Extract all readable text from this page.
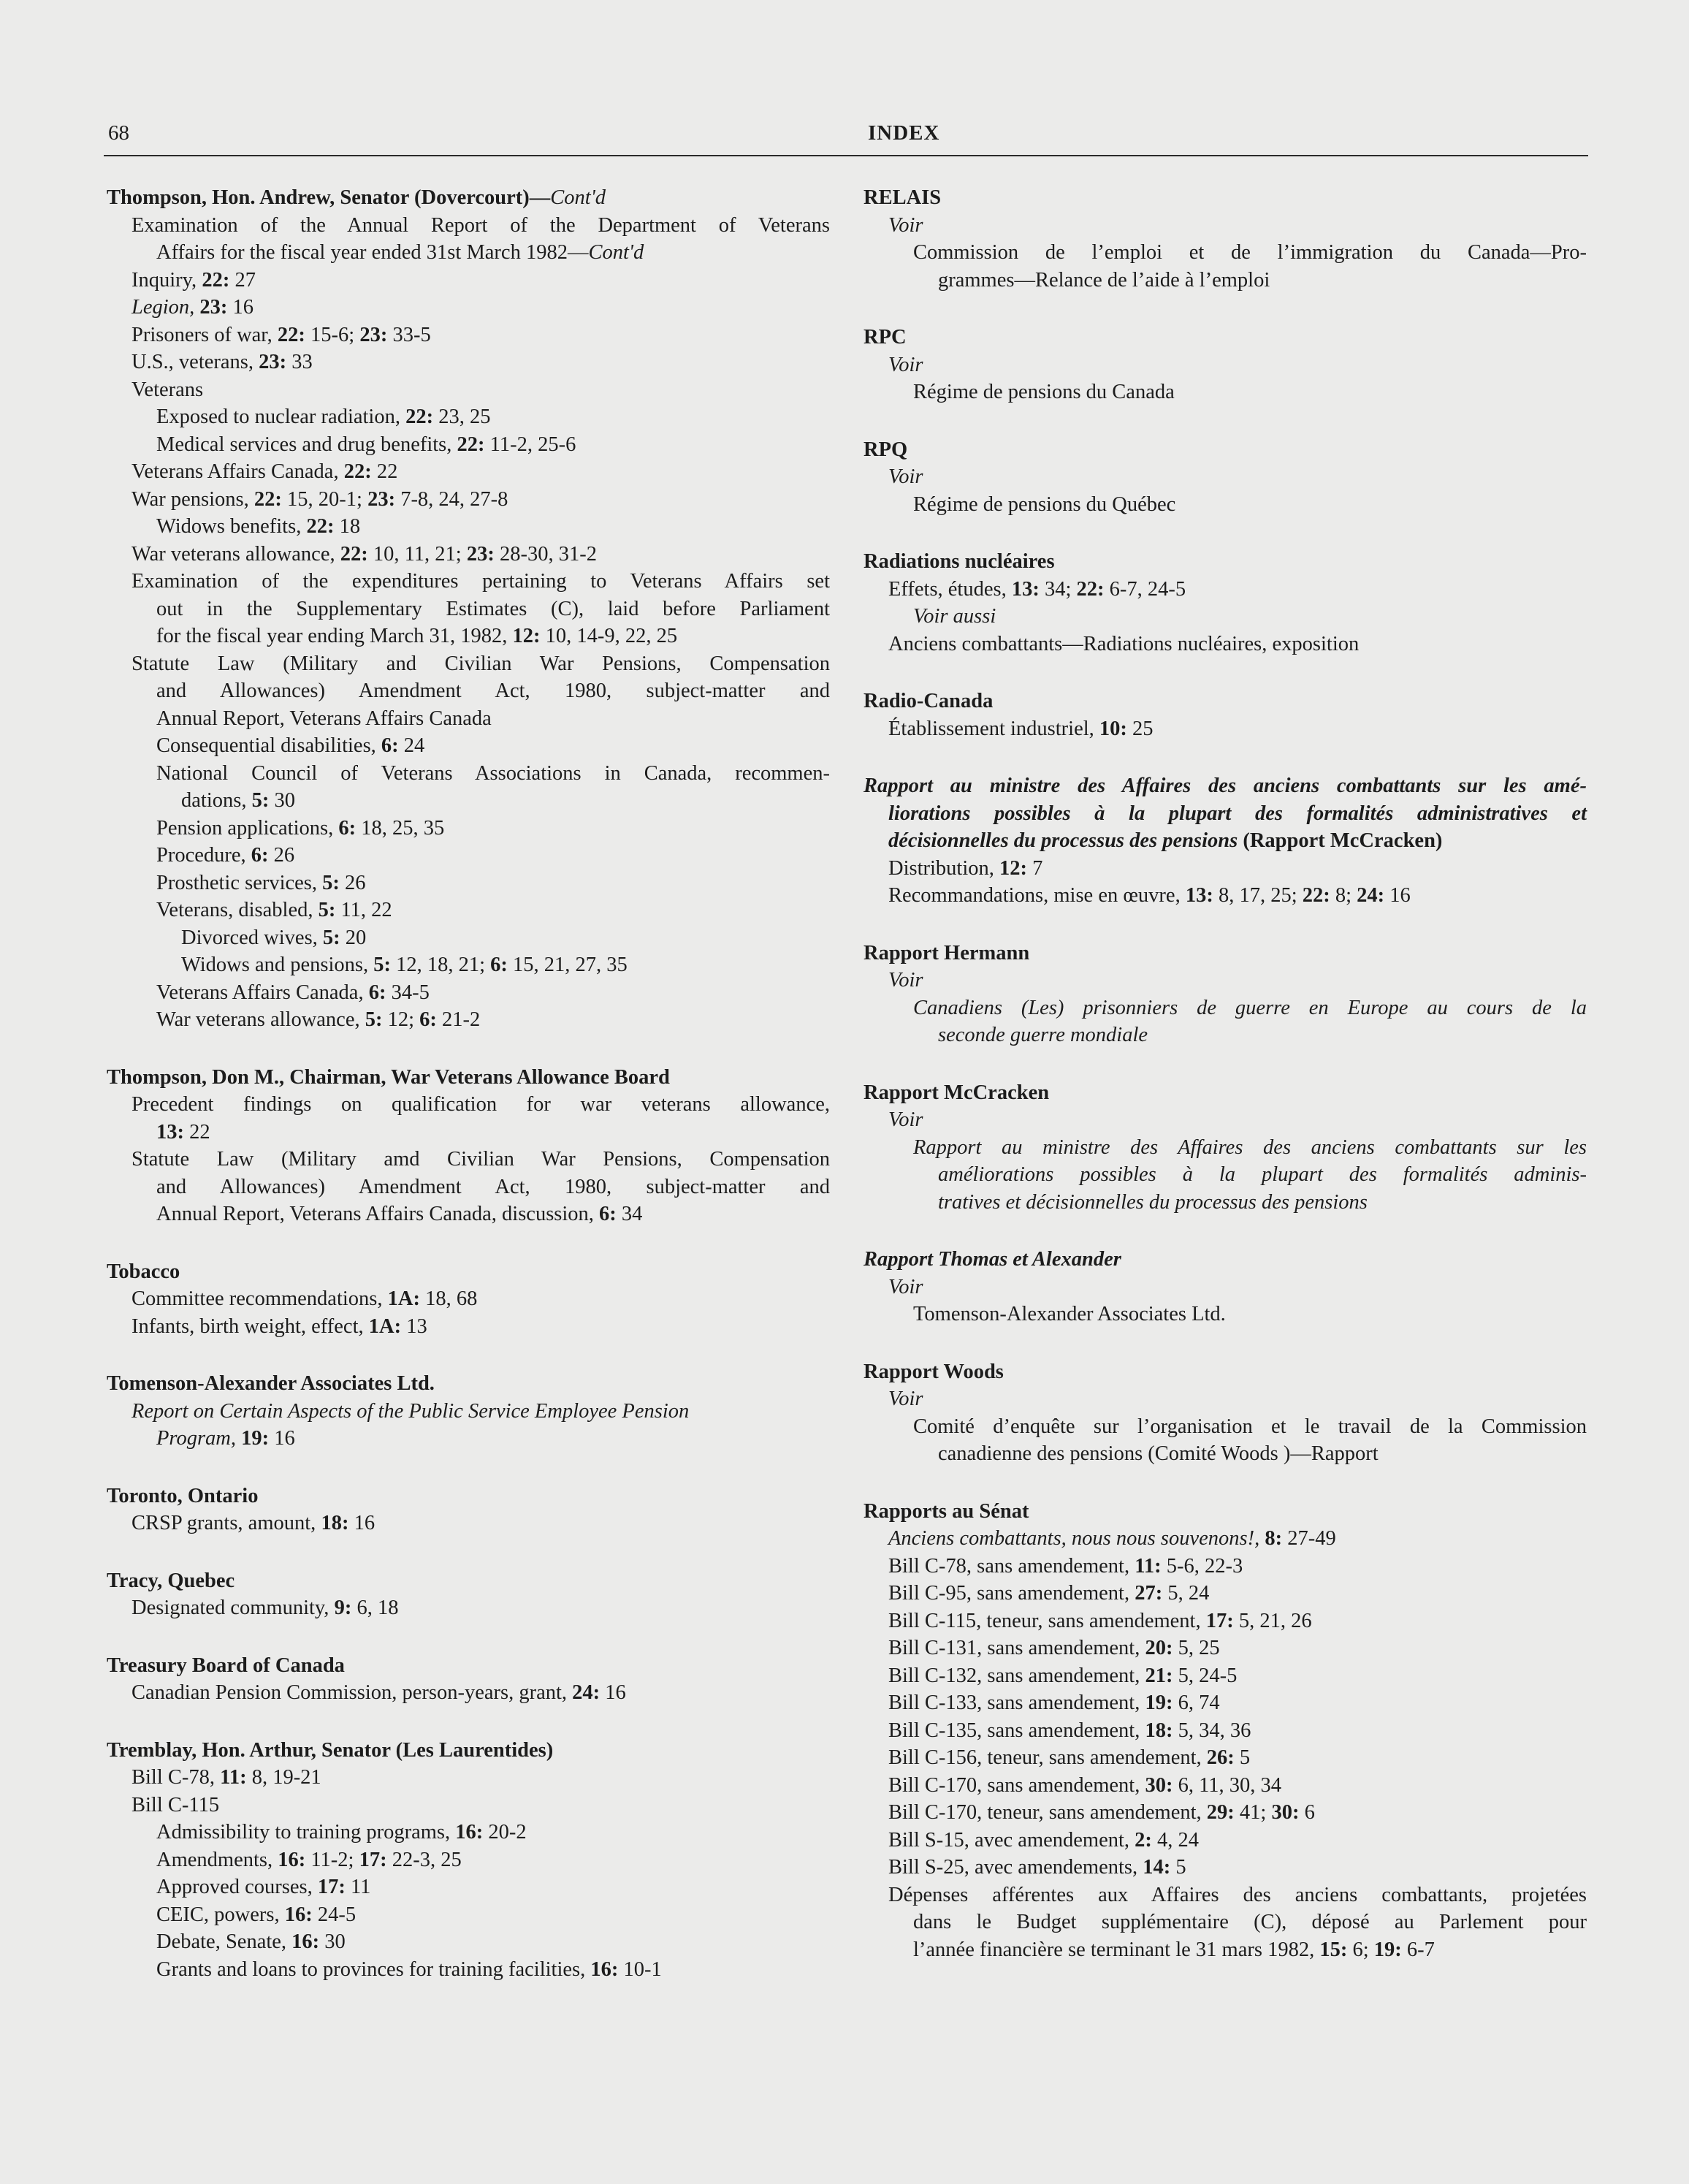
68	INDEX
Thompson, Hon. Andrew, Senator (Dovercourt)—Cont'd
Examination of the Annual Report of the Department of Veterans
Affairs for the fiscal year ended 31st March 1982—Cont'd
Inquiry, 22: 27
Legion, 23: 16
Prisoners of war, 22: 15-6; 23: 33-5
U.S., veterans, 23: 33
Veterans
Exposed to nuclear radiation, 22: 23, 25
Medical services and drug benefits, 22: 11-2, 25-6
Veterans Affairs Canada, 22: 22
War pensions, 22: 15, 20-1; 23: 7-8, 24, 27-8
Widows benefits, 22: 18
War veterans allowance, 22: 10, 11, 21; 23: 28-30, 31-2
Examination of the expenditures pertaining to Veterans Affairs set
out in the Supplementary Estimates (C), laid before Parliament
for the fiscal year ending March 31, 1982, 12: 10, 14-9, 22, 25
Statute Law (Military and Civilian War Pensions, Compensation
and Allowances) Amendment Act, 1980, subject-matter and
Annual Report, Veterans Affairs Canada
Consequential disabilities, 6: 24
National Council of Veterans Associations in Canada, recommen-
dations, 5: 30
Pension applications, 6: 18, 25, 35
Procedure, 6: 26
Prosthetic services, 5: 26
Veterans, disabled, 5: 11, 22
Divorced wives, 5: 20
Widows and pensions, 5: 12, 18, 21; 6: 15, 21, 27, 35
Veterans Affairs Canada, 6: 34-5
War veterans allowance, 5: 12; 6: 21-2
Thompson, Don M., Chairman, War Veterans Allowance Board
Precedent findings on qualification for war veterans allowance,
13: 22
Statute Law (Military amd Civilian War Pensions, Compensation
and Allowances) Amendment Act, 1980, subject-matter and
Annual Report, Veterans Affairs Canada, discussion, 6: 34
Tobacco
Committee recommendations, 1A: 18, 68
Infants, birth weight, effect, 1A: 13
Tomenson-Alexander Associates Ltd.
Report on Certain Aspects of the Public Service Employee Pension
Program, 19: 16
Toronto, Ontario
CRSP grants, amount, 18: 16
Tracy, Quebec
Designated community, 9: 6, 18
Treasury Board of Canada
Canadian Pension Commission, person-years, grant, 24: 16
Tremblay, Hon. Arthur, Senator (Les Laurentides)
Bill C-78, 11: 8, 19-21
Bill C-115
Admissibility to training programs, 16: 20-2
Amendments, 16: 11-2; 17: 22-3, 25
Approved courses, 17: 11
CEIC, powers, 16: 24-5
Debate, Senate, 16: 30
Grants and loans to provinces for training facilities, 16: 10-1
RELAIS
Voir
Commission de l’emploi et de l’immigration du Canada—Pro-
grammes—Relance de l’aide à l’emploi
RPC
Voir
Régime de pensions du Canada
RPQ
Voir
Régime de pensions du Québec
Radiations nucléaires
Effets, études, 13: 34; 22: 6-7, 24-5
Voir aussi
Anciens combattants—Radiations nucléaires, exposition
Radio-Canada
Établissement industriel, 10: 25
Rapport au ministre des Affaires des anciens combattants sur les amé-
liorations possibles à la plupart des formalités administratives et
décisionnelles du processus des pensions (Rapport McCracken)
Distribution, 12: 7
Recommandations, mise en œuvre, 13: 8, 17, 25; 22: 8; 24: 16
Rapport Hermann
Voir
Canadiens (Les) prisonniers de guerre en Europe au cours de la
seconde guerre mondiale
Rapport McCracken
Voir
Rapport au ministre des Affaires des anciens combattants sur les
améliorations possibles à la plupart des formalités adminis-
tratives et décisionnelles du processus des pensions
Rapport Thomas et Alexander
Voir
Tomenson-Alexander Associates Ltd.
Rapport Woods
Voir
Comité d’enquête sur l’organisation et le travail de la Commission
canadienne des pensions (Comité Woods )—Rapport
Rapports au Sénat
Anciens combattants, nous nous souvenons!, 8: 27-49
Bill C-78, sans amendement, 11: 5-6, 22-3
Bill C-95, sans amendement, 27: 5, 24
Bill C-115, teneur, sans amendement, 17: 5, 21, 26
Bill C-131, sans amendement, 20: 5, 25
Bill C-132, sans amendement, 21: 5, 24-5
Bill C-133, sans amendement, 19: 6, 74
Bill C-135, sans amendement, 18: 5, 34, 36
Bill C-156, teneur, sans amendement, 26: 5
Bill C-170, sans amendement, 30: 6, 11, 30, 34
Bill C-170, teneur, sans amendement, 29: 41; 30: 6
Bill S-15, avec amendement, 2: 4, 24
Bill S-25, avec amendements, 14: 5
Dépenses afférentes aux Affaires des anciens combattants, projetées
dans le Budget supplémentaire (C), déposé au Parlement pour
l’année financière se terminant le 31 mars 1982, 15: 6; 19: 6-7
